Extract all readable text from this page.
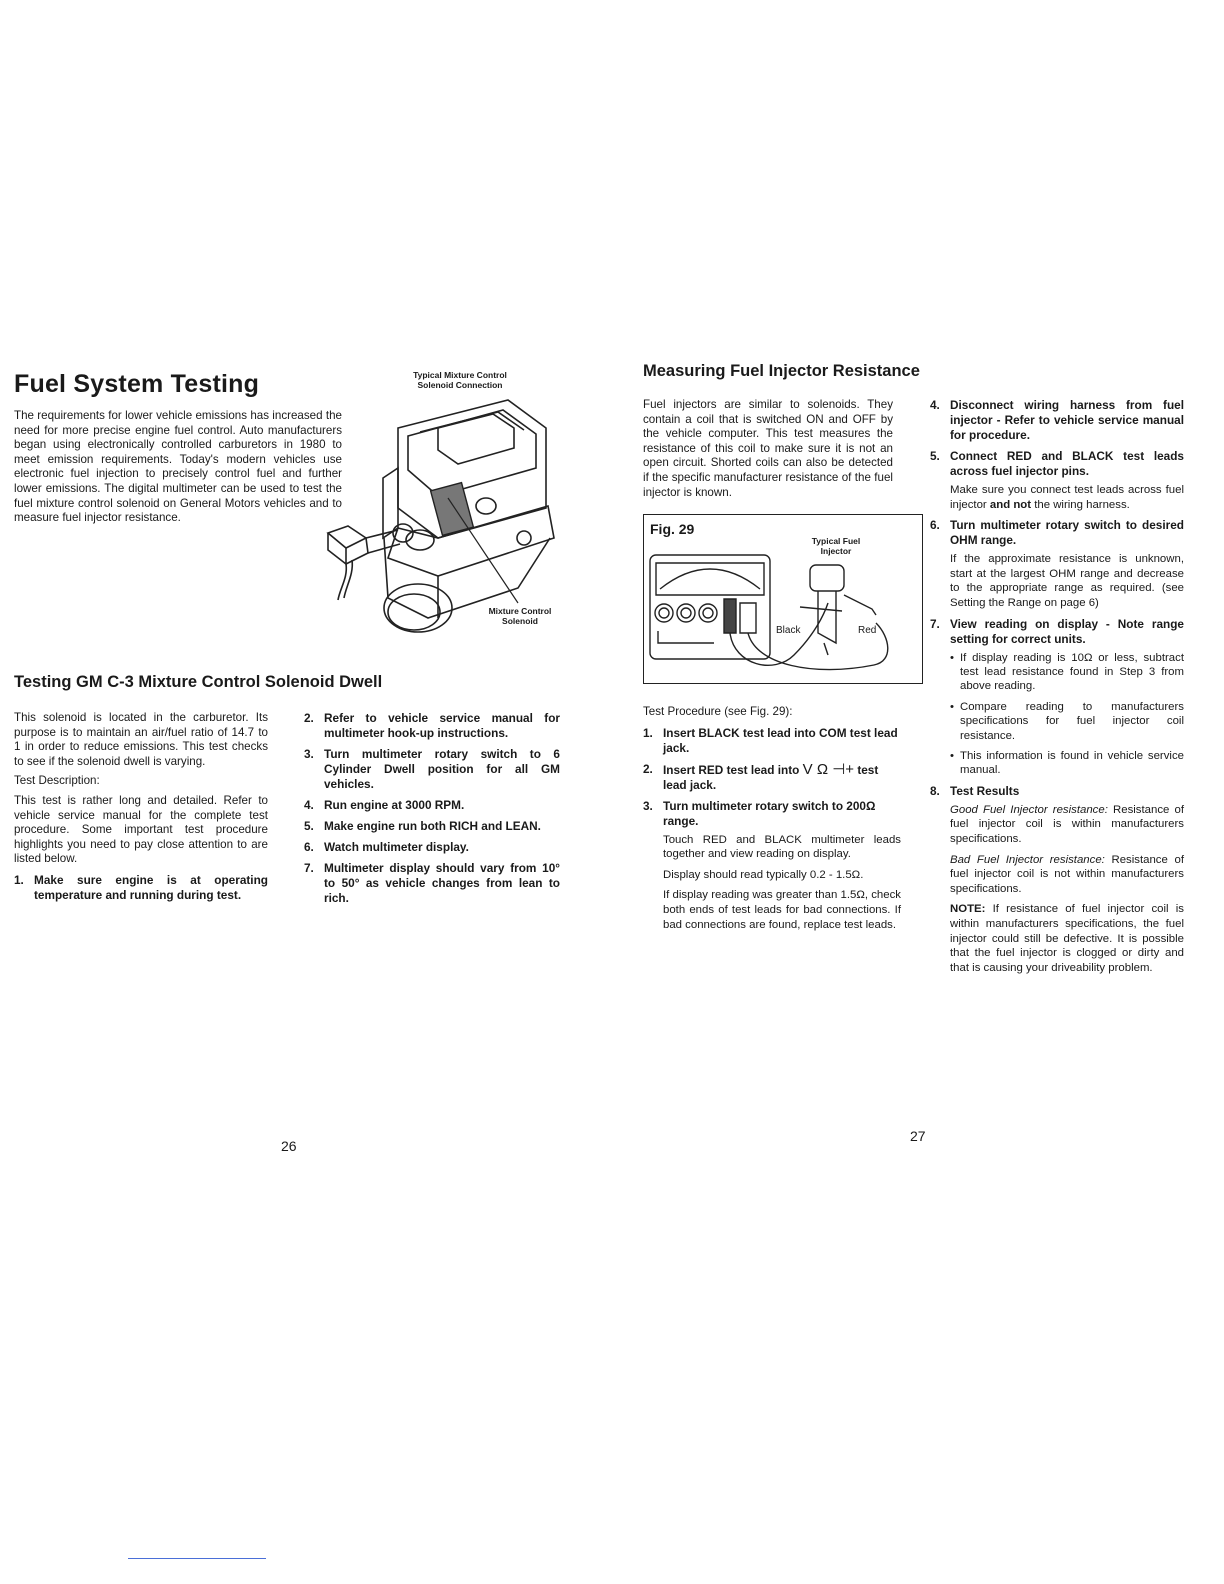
Fuel System Testing	Typical Mixture Control
Solenoid Connection
The requirements for lower vehicle emissions has increased the need for more precise engine fuel control. Auto manufacturers began using electronically controlled carburetors in 1980 to meet emission requirements. Today's modern vehicles use electronic fuel injection to precisely control fuel and further lower emissions. The digital multimeter can be used to test the fuel mixture control solenoid on General Motors vehicles and to measure fuel injector resistance.
Mixture Control
Solenoid
Testing GM C-3 Mixture Control Solenoid Dwell
This solenoid is located in the carburetor. Its purpose is to maintain an air/fuel ratio of 14.7 to 1 in order to reduce emissions. This test checks to see if the solenoid dwell is varying.
Test Description:
This test is rather long and detailed. Refer to vehicle service manual for the complete test procedure. Some important test procedure highlights you need to pay close attention to are listed below.
1. Make sure engine is at operating temperature and running during test.
2. Refer to vehicle service manual for multimeter hook-up instructions.
3. Turn multimeter rotary switch to 6 Cylinder Dwell position for all GM vehicles.
4. Run engine at 3000 RPM.
5. Make engine run both RICH and LEAN.
6. Watch multimeter display.
7. Multimeter display should vary from 10° to 50° as vehicle changes from lean to rich.
26
Measuring Fuel Injector Resistance
Fuel injectors are similar to solenoids. They contain a coil that is switched ON and OFF by the vehicle computer. This test measures the resistance of this coil to make sure it is not an open circuit. Shorted coils can also be detected if the specific manufacturer resistance of the fuel injector is known.
Fig. 29
Typical Fuel
Injector
Black	Red
Test Procedure (see Fig. 29):
1. Insert BLACK test lead into COM test lead jack.
2. Insert RED test lead into V Ω ⊣+ test lead jack.
3. Turn multimeter rotary switch to 200Ω range.
Touch RED and BLACK multimeter leads together and view reading on display.
Display should read typically 0.2 - 1.5Ω.
If display reading was greater than 1.5Ω, check both ends of test leads for bad connections. If bad connections are found, replace test leads.
4. Disconnect wiring harness from fuel injector - Refer to vehicle service manual for procedure.
5. Connect RED and BLACK test leads across fuel injector pins.
Make sure you connect test leads across fuel injector and not the wiring harness.
6. Turn multimeter rotary switch to desired OHM range.
If the approximate resistance is unknown, start at the largest OHM range and decrease to the appropriate range as required. (see Setting the Range on page 6)
7. View reading on display - Note range setting for correct units.
• If display reading is 10Ω or less, subtract test lead resistance found in Step 3 from above reading.
• Compare reading to manufacturers specifications for fuel injector coil resistance.
• This information is found in vehicle service manual.
8. Test Results
Good Fuel Injector resistance: Resistance of fuel injector coil is within manufacturers specifications.
Bad Fuel Injector resistance: Resistance of fuel injector coil is not within manufacturers specifications.
NOTE: If resistance of fuel injector coil is within manufacturers specifications, the fuel injector could still be defective. It is possible that the fuel injector is clogged or dirty and that is causing your driveability problem.
27
